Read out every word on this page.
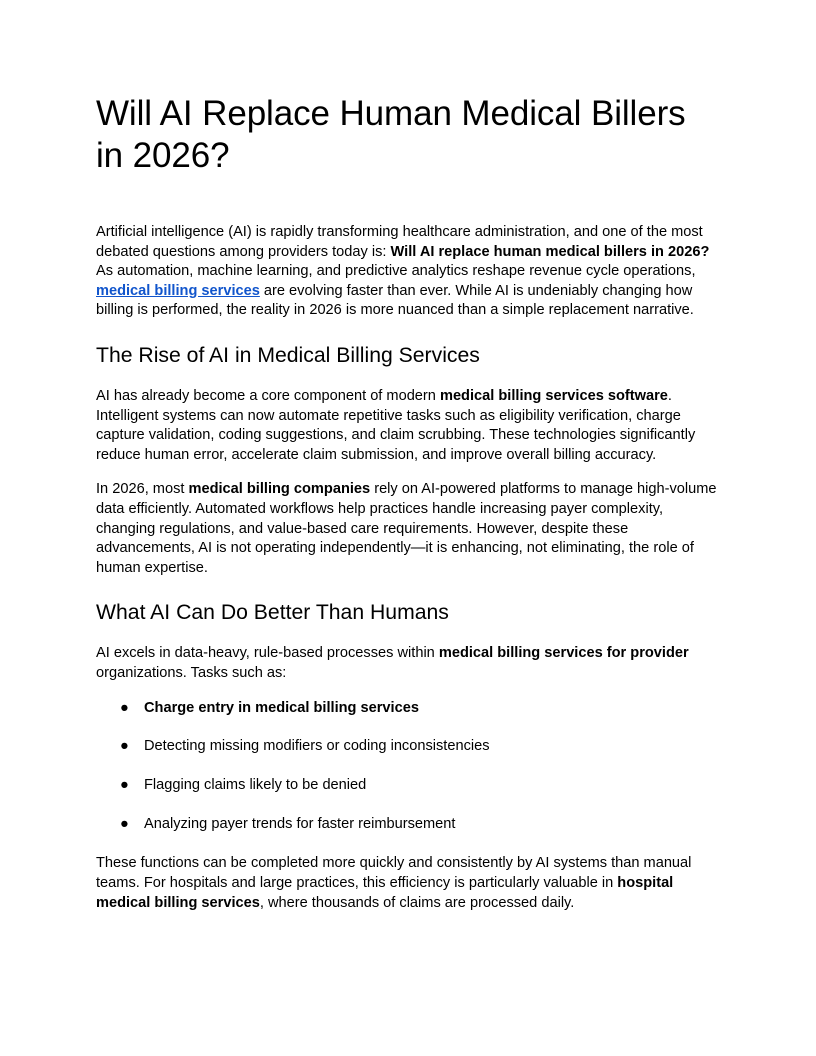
Will AI Replace Human Medical Billers in 2026?

Artificial intelligence (AI) is rapidly transforming healthcare administration, and one of the most debated questions among providers today is: Will AI replace human medical billers in 2026? As automation, machine learning, and predictive analytics reshape revenue cycle operations, medical billing services are evolving faster than ever. While AI is undeniably changing how billing is performed, the reality in 2026 is more nuanced than a simple replacement narrative.

The Rise of AI in Medical Billing Services

AI has already become a core component of modern medical billing services software. Intelligent systems can now automate repetitive tasks such as eligibility verification, charge capture validation, coding suggestions, and claim scrubbing. These technologies significantly reduce human error, accelerate claim submission, and improve overall billing accuracy.

In 2026, most medical billing companies rely on AI-powered platforms to manage high-volume data efficiently. Automated workflows help practices handle increasing payer complexity, changing regulations, and value-based care requirements. However, despite these advancements, AI is not operating independently—it is enhancing, not eliminating, the role of human expertise.

What AI Can Do Better Than Humans

AI excels in data-heavy, rule-based processes within medical billing services for provider organizations. Tasks such as:

● Charge entry in medical billing services
● Detecting missing modifiers or coding inconsistencies
● Flagging claims likely to be denied
● Analyzing payer trends for faster reimbursement

These functions can be completed more quickly and consistently by AI systems than manual teams. For hospitals and large practices, this efficiency is particularly valuable in hospital medical billing services, where thousands of claims are processed daily.
